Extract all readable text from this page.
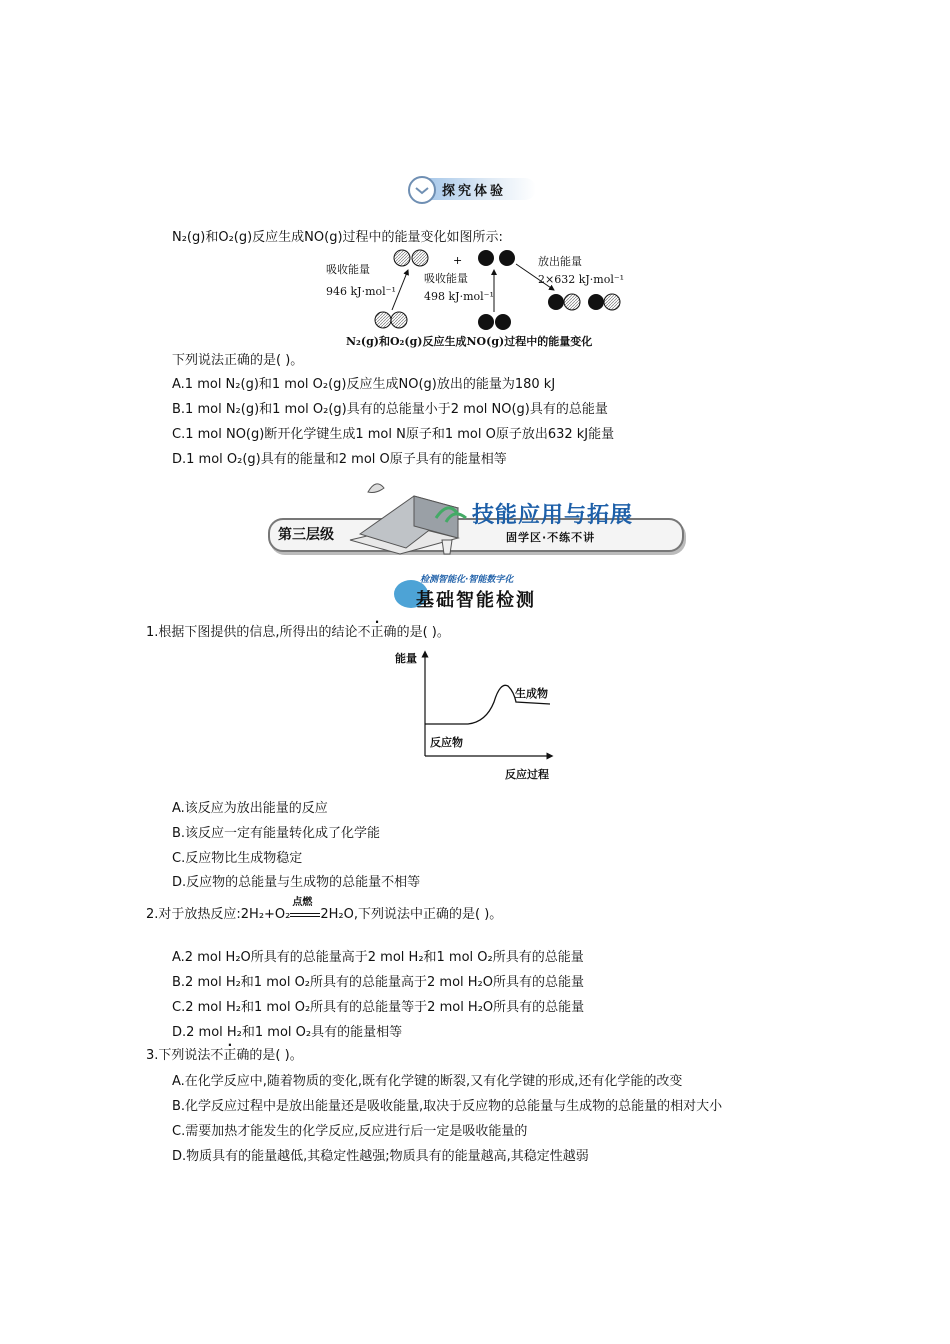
探究体验
N₂(g)和O₂(g)反应生成NO(g)过程中的能量变化如图所示:
+
吸收能量
946 kJ·mol⁻¹
吸收能量
498 kJ·mol⁻¹
放出能量
2×632 kJ·mol⁻¹
N₂(g)和O₂(g)反应生成NO(g)过程中的能量变化
下列说法正确的是( )。
A.1 mol N₂(g)和1 mol O₂(g)反应生成NO(g)放出的能量为180 kJ
B.1 mol N₂(g)和1 mol O₂(g)具有的总能量小于2 mol NO(g)具有的总能量
C.1 mol NO(g)断开化学键生成1 mol N原子和1 mol O原子放出632 kJ能量
D.1 mol O₂(g)具有的能量和2 mol O原子具有的能量相等
第三层级	固学区·不练不讲
技能应用与拓展
检测智能化·智能数字化
基础智能检测
1.根据下图提供的信息,所得出的结论不正确的是( )。
能量
生成物
反应物
反应过程
A.该反应为放出能量的反应
B.该反应一定有能量转化成了化学能
C.反应物比生成物稳定
D.反应物的总能量与生成物的总能量不相等
2.对于放热反应:2H₂+O₂
点燃
2H₂O,下列说法中正确的是( )。
A.2 mol H₂O所具有的总能量高于2 mol H₂和1 mol O₂所具有的总能量
B.2 mol H₂和1 mol O₂所具有的总能量高于2 mol H₂O所具有的总能量
C.2 mol H₂和1 mol O₂所具有的总能量等于2 mol H₂O所具有的总能量
D.2 mol H₂和1 mol O₂具有的能量相等
3.下列说法不正确的是( )。
A.在化学反应中,随着物质的变化,既有化学键的断裂,又有化学键的形成,还有化学能的改变
B.化学反应过程中是放出能量还是吸收能量,取决于反应物的总能量与生成物的总能量的相对大小
C.需要加热才能发生的化学反应,反应进行后一定是吸收能量的
D.物质具有的能量越低,其稳定性越强;物质具有的能量越高,其稳定性越弱
